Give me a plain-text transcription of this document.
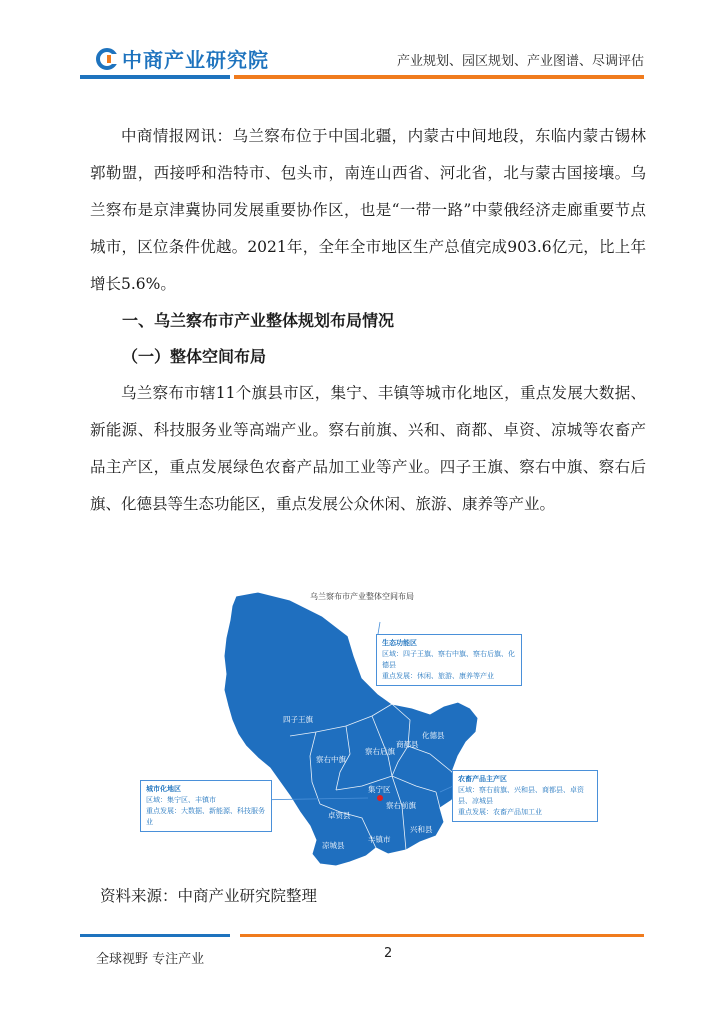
中商产业研究院	产业规划、园区规划、产业图谱、尽调评估

中商情报网讯：乌兰察布位于中国北疆，内蒙古中间地段，东临内蒙古锡林郭勒盟，西接呼和浩特市、包头市，南连山西省、河北省，北与蒙古国接壤。乌兰察布是京津冀协同发展重要协作区，也是“一带一路”中蒙俄经济走廊重要节点城市，区位条件优越。2021年，全年全市地区生产总值完成903.6亿元，比上年增长5.6%。

一、乌兰察布市产业整体规划布局情况
（一）整体空间布局

乌兰察布市辖11个旗县市区，集宁、丰镇等城市化地区，重点发展大数据、新能源、科技服务业等高端产业。察右前旗、兴和、商都、卓资、凉城等农畜产品主产区，重点发展绿色农畜产品加工业等产业。四子王旗、察右中旗、察右后旗、化德县等生态功能区，重点发展公众休闲、旅游、康养等产业。

乌兰察布市产业整体空间布局
四子王旗
化德县
商都县
察右后旗
察右中旗
集宁区
察右前旗
卓资县
兴和县
丰镇市
凉城县
生态功能区
区域：四子王旗、察右中旗、察右后旗、化德县
重点发展：休闲、旅游、康养等产业
城市化地区
区域：集宁区、丰镇市
重点发展：大数据、新能源、科技服务业
农畜产品主产区
区域：察右前旗、兴和县、商都县、卓资县、凉城县
重点发展：农畜产品加工业
资料来源：中商产业研究院整理
全球视野 专注产业	2
